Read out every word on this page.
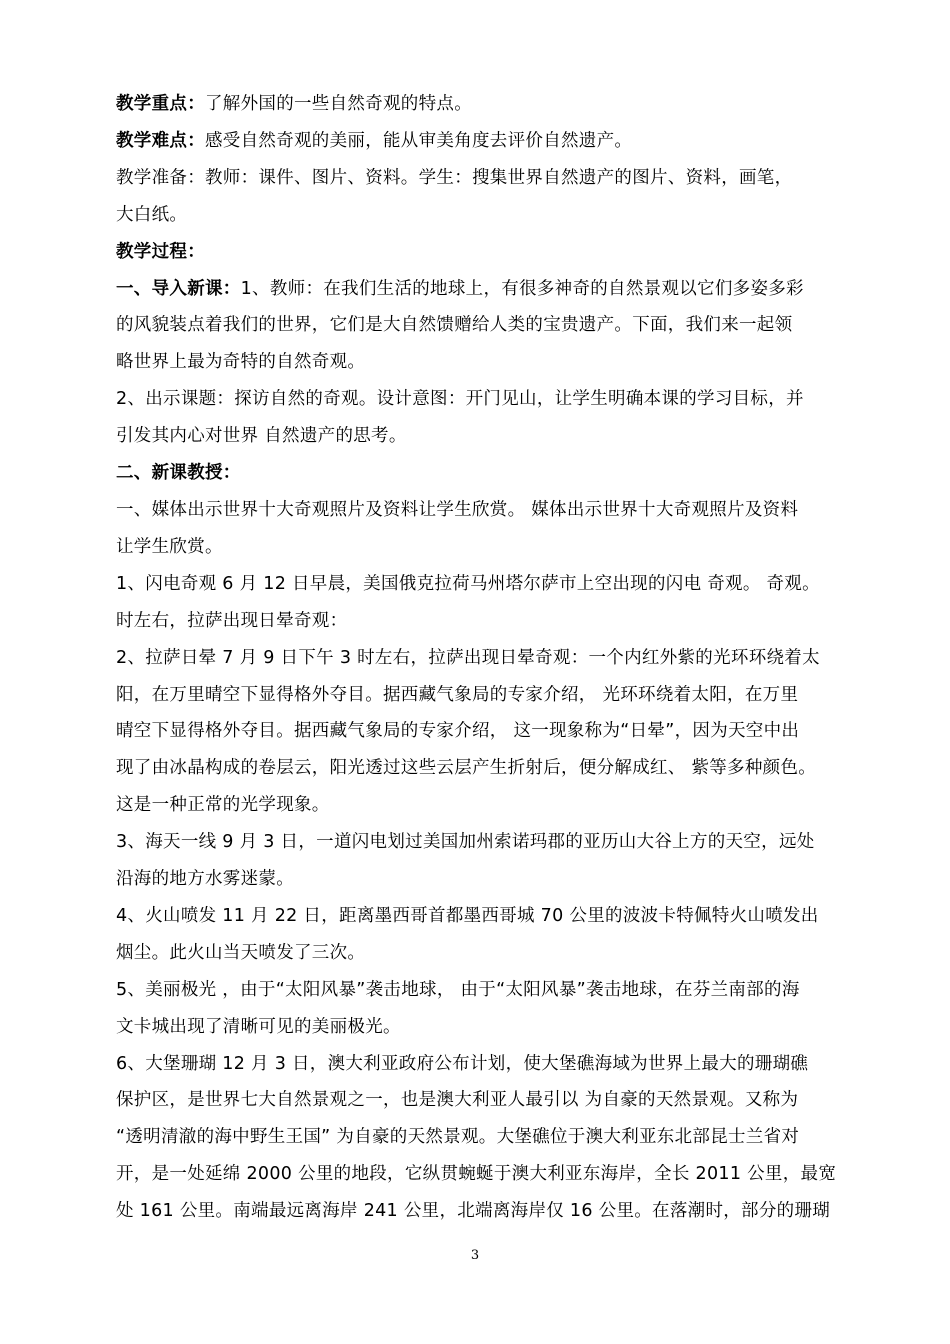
教学重点：了解外国的一些自然奇观的特点。
教学难点：感受自然奇观的美丽，能从审美角度去评价自然遗产。
教学准备：教师：课件、图片、资料。学生：搜集世界自然遗产的图片、资料，画笔，
大白纸。
教学过程：
一、导入新课：1、教师：在我们生活的地球上，有很多神奇的自然景观以它们多姿多彩
的风貌装点着我们的世界，它们是大自然馈赠给人类的宝贵遗产。下面，我们来一起领
略世界上最为奇特的自然奇观。
2、出示课题：探访自然的奇观。设计意图：开门见山，让学生明确本课的学习目标，并
引发其内心对世界 自然遗产的思考。
二、新课教授：
一、媒体出示世界十大奇观照片及资料让学生欣赏。 媒体出示世界十大奇观照片及资料
让学生欣赏。
1、闪电奇观 6 月 12 日早晨，美国俄克拉荷马州塔尔萨市上空出现的闪电 奇观。 奇观。
时左右，拉萨出现日晕奇观：
2、拉萨日晕 7 月 9 日下午 3 时左右，拉萨出现日晕奇观：一个内红外紫的光环环绕着太
阳，在万里晴空下显得格外夺目。据西藏气象局的专家介绍， 光环环绕着太阳，在万里
晴空下显得格外夺目。据西藏气象局的专家介绍， 这一现象称为“日晕”，因为天空中出
现了由冰晶构成的卷层云，阳光透过这些云层产生折射后，便分解成红、 紫等多种颜色。
这是一种正常的光学现象。
3、海天一线 9 月 3 日，一道闪电划过美国加州索诺玛郡的亚历山大谷上方的天空，远处
沿海的地方水雾迷蒙。
4、火山喷发 11 月 22 日，距离墨西哥首都墨西哥城 70 公里的波波卡特佩特火山喷发出
烟尘。此火山当天喷发了三次。
5、美丽极光 ，由于“太阳风暴”袭击地球， 由于“太阳风暴”袭击地球，在芬兰南部的海
文卡城出现了清晰可见的美丽极光。
6、大堡珊瑚 12 月 3 日，澳大利亚政府公布计划，使大堡礁海域为世界上最大的珊瑚礁
保护区，是世界七大自然景观之一，也是澳大利亚人最引以 为自豪的天然景观。又称为
“透明清澈的海中野生王国” 为自豪的天然景观。大堡礁位于澳大利亚东北部昆士兰省对
开，是一处延绵 2000 公里的地段，它纵贯蜿蜒于澳大利亚东海岸，全长 2011 公里，最宽
处 161 公里。南端最远离海岸 241 公里，北端离海岸仅 16 公里。在落潮时，部分的珊瑚
3
